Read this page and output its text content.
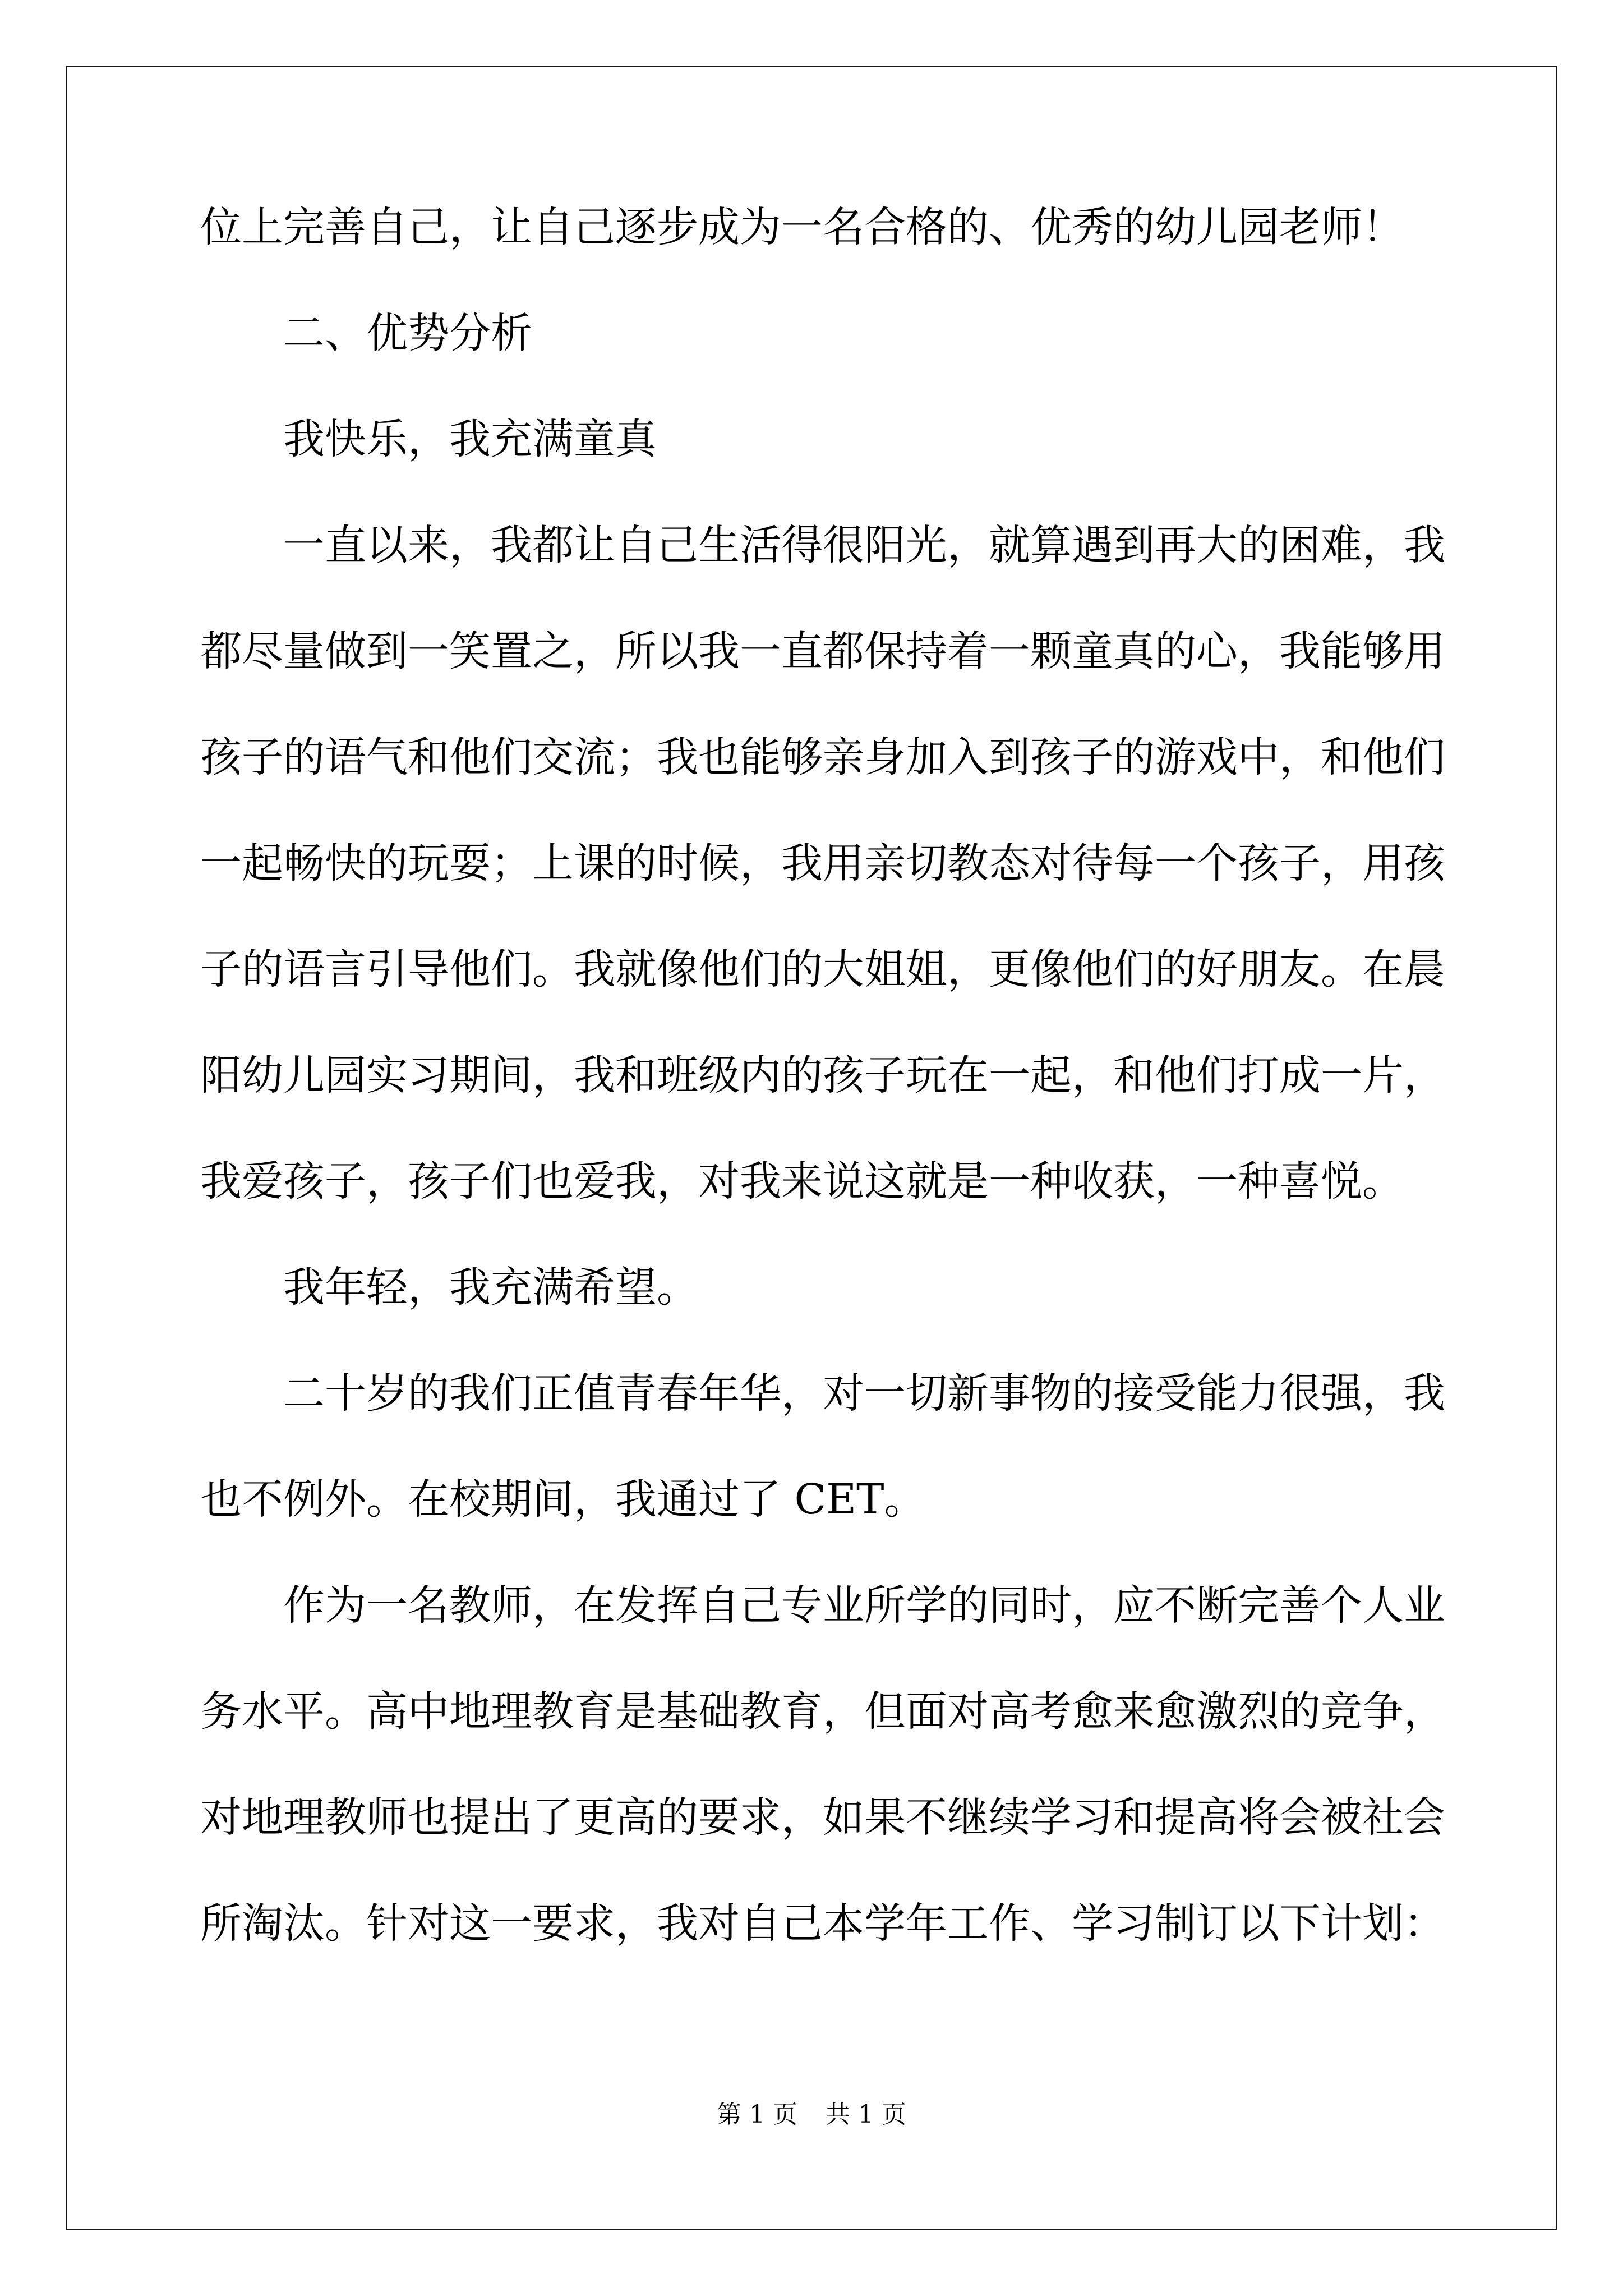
位上完善自己，让自己逐步成为一名合格的、优秀的幼儿园老师！
二、优势分析
我快乐，我充满童真
一直以来，我都让自己生活得很阳光，就算遇到再大的困难，我
都尽量做到一笑置之，所以我一直都保持着一颗童真的心，我能够用
孩子的语气和他们交流；我也能够亲身加入到孩子的游戏中，和他们
一起畅快的玩耍；上课的时候，我用亲切教态对待每一个孩子，用孩
子的语言引导他们。我就像他们的大姐姐，更像他们的好朋友。在晨
阳幼儿园实习期间，我和班级内的孩子玩在一起，和他们打成一片，
我爱孩子，孩子们也爱我，对我来说这就是一种收获，一种喜悦。
我年轻，我充满希望。
二十岁的我们正值青春年华，对一切新事物的接受能力很强，我
也不例外。在校期间，我通过了 CET。
作为一名教师，在发挥自己专业所学的同时，应不断完善个人业
务水平。高中地理教育是基础教育，但面对高考愈来愈激烈的竞争，
对地理教师也提出了更高的要求，如果不继续学习和提高将会被社会
所淘汰。针对这一要求，我对自己本学年工作、学习制订以下计划：
第 1 页 共 1 页
